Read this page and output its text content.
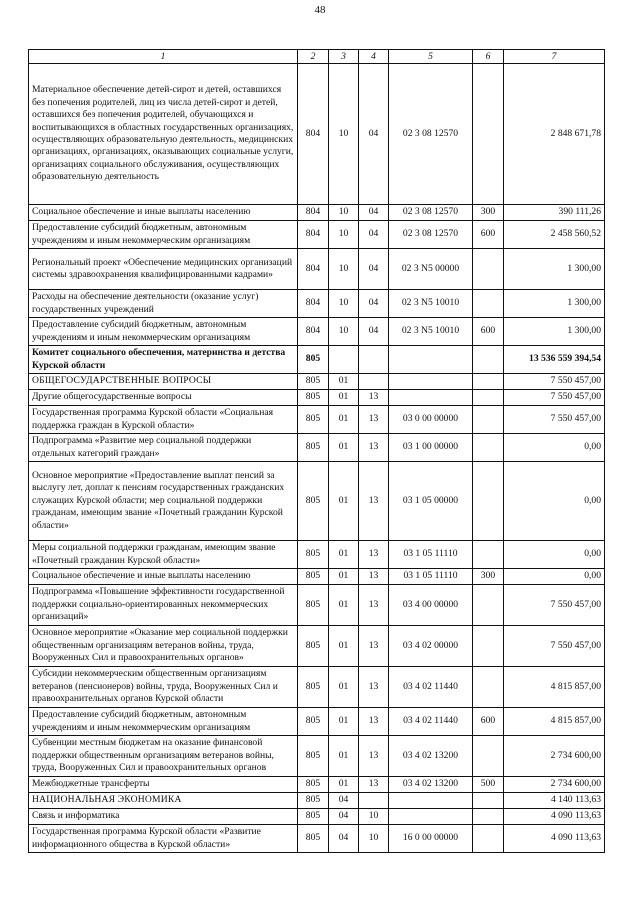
48
1	2	3	4	5	6	7
Материальное обеспечение детей-сирот и детей, оставшихся без попечения родителей, лиц из числа детей-сирот и детей, оставшихся без попечения родителей, обучающихся и воспитывающихся в областных государственных организациях, осуществляющих образовательную деятельность, медицинских организациях, организациях, оказывающих социальные услуги, организациях социального обслуживания, осуществляющих образовательную деятельность	804	10	04	02 3 08 12570		2 848 671,78
Социальное обеспечение и иные выплаты населению	804	10	04	02 3 08 12570	300	390 111,26
Предоставление субсидий бюджетным, автономным учреждениям и иным некоммерческим организациям	804	10	04	02 3 08 12570	600	2 458 560,52
Региональный проект «Обеспечение медицинских организаций системы здравоохранения квалифицированными кадрами»	804	10	04	02 3 N5 00000		1 300,00
Расходы на обеспечение деятельности (оказание услуг) государственных учреждений	804	10	04	02 3 N5 10010		1 300,00
Предоставление субсидий бюджетным, автономным учреждениям и иным некоммерческим организациям	804	10	04	02 3 N5 10010	600	1 300,00
Комитет социального обеспечения, материнства и детства Курской области	805					13 536 559 394,54
ОБЩЕГОСУДАРСТВЕННЫЕ ВОПРОСЫ	805	01				7 550 457,00
Другие общегосударственные вопросы	805	01	13			7 550 457,00
Государственная программа Курской области «Социальная поддержка граждан в Курской области»	805	01	13	03 0 00 00000		7 550 457,00
Подпрограмма «Развитие мер социальной поддержки отдельных категорий граждан»	805	01	13	03 1 00 00000		0,00
Основное мероприятие «Предоставление выплат пенсий за выслугу лет, доплат к пенсиям государственных гражданских служащих Курской области; мер социальной поддержки гражданам, имеющим звание «Почетный гражданин Курской области»	805	01	13	03 1 05 00000		0,00
Меры социальной поддержки гражданам, имеющим звание «Почетный гражданин Курской области»	805	01	13	03 1 05 11110		0,00
Социальное обеспечение и иные выплаты населению	805	01	13	03 1 05 11110	300	0,00
Подпрограмма «Повышение эффективности государственной поддержки социально-ориентированных некоммерческих организаций»	805	01	13	03 4 00 00000		7 550 457,00
Основное мероприятие «Оказание мер социальной поддержки общественным организациям ветеранов войны, труда, Вооруженных Сил и правоохранительных органов»	805	01	13	03 4 02 00000		7 550 457,00
Субсидии некоммерческим общественным организациям ветеранов (пенсионеров) войны, труда, Вооруженных Сил и правоохранительных органов Курской области	805	01	13	03 4 02 11440		4 815 857,00
Предоставление субсидий бюджетным, автономным учреждениям и иным некоммерческим организациям	805	01	13	03 4 02 11440	600	4 815 857,00
Субвенции местным бюджетам на оказание финансовой поддержки общественным организациям ветеранов войны, труда, Вооруженных Сил и правоохранительных органов	805	01	13	03 4 02 13200		2 734 600,00
Межбюджетные трансферты	805	01	13	03 4 02 13200	500	2 734 600,00
НАЦИОНАЛЬНАЯ ЭКОНОМИКА	805	04				4 140 113,63
Связь и информатика	805	04	10			4 090 113,63
Государственная программа Курской области «Развитие информационного общества в Курской области»	805	04	10	16 0 00 00000		4 090 113,63
